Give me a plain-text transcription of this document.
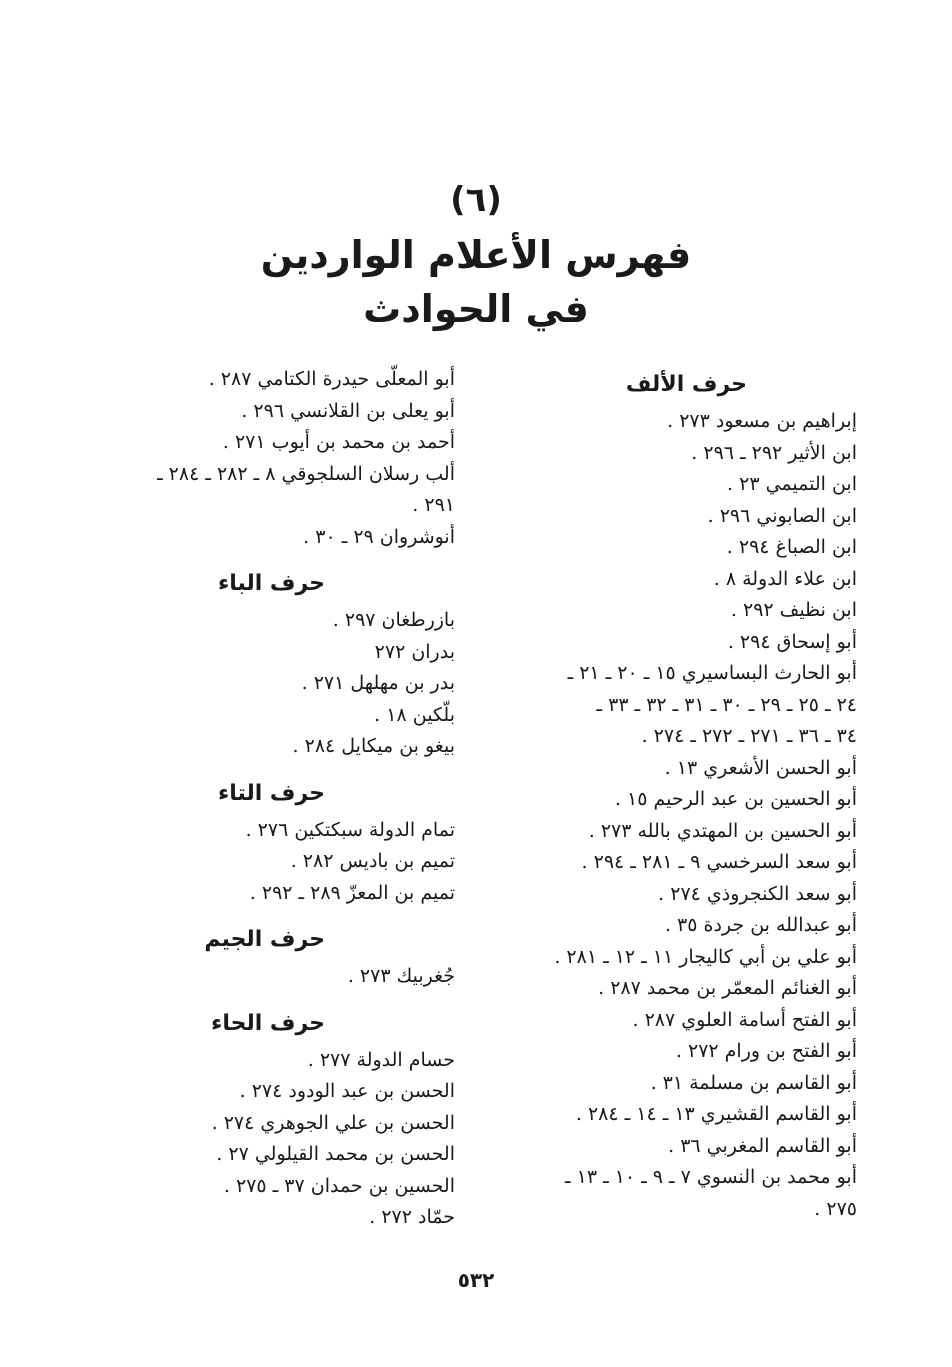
(٦)
فهرس الأعلام الواردين
في الحوادث
حرف الألف
إبراهيم بن مسعود ٢٧٣ .
ابن الأثير ٢٩٢ ـ ٢٩٦ .
ابن التميمي ٢٣ .
ابن الصابوني ٢٩٦ .
ابن الصباغ ٢٩٤ .
ابن علاء الدولة ٨ .
ابن نظيف ٢٩٢ .
أبو إسحاق ٢٩٤ .
أبو الحارث البساسيري ١٥ ـ ٢٠ ـ ٢١ ـ
٢٤ ـ ٢٥ ـ ٢٩ ـ ٣٠ ـ ٣١ ـ ٣٢ ـ ٣٣ ـ
٣٤ ـ ٣٦ ـ ٢٧١ ـ ٢٧٢ ـ ٢٧٤ .
أبو الحسن الأشعري ١٣ .
أبو الحسين بن عبد الرحيم ١٥ .
أبو الحسين بن المهتدي بالله ٢٧٣ .
أبو سعد السرخسي ٩ ـ ٢٨١ ـ ٢٩٤ .
أبو سعد الكنجروذي ٢٧٤ .
أبو عبدالله بن جردة ٣٥ .
أبو علي بن أبي كاليجار ١١ ـ ١٢ ـ ٢٨١ .
أبو الغنائم المعمّر بن محمد ٢٨٧ .
أبو الفتح أسامة العلوي ٢٨٧ .
أبو الفتح بن ورام ٢٧٢ .
أبو القاسم بن مسلمة ٣١ .
أبو القاسم القشيري ١٣ ـ ١٤ ـ ٢٨٤ .
أبو القاسم المغربي ٣٦ .
أبو محمد بن النسوي ٧ ـ ٩ ـ ١٠ ـ ١٣ ـ
٢٧٥ .
أبو المعلّى حيدرة الكتامي ٢٨٧ .
أبو يعلى بن القلانسي ٢٩٦ .
أحمد بن محمد بن أيوب ٢٧١ .
ألب رسلان السلجوقي ٨ ـ ٢٨٢ ـ ٢٨٤ ـ
٢٩١ .
أنوشروان ٢٩ ـ ٣٠ .
حرف الباء
بازرطغان ٢٩٧ .
بدران ٢٧٢
بدر بن مهلهل ٢٧١ .
بلّكين ١٨ .
بيغو بن ميكايل ٢٨٤ .
حرف التاء
تمام الدولة سبكتكين ٢٧٦ .
تميم بن باديس ٢٨٢ .
تميم بن المعزّ ٢٨٩ ـ ٢٩٢ .
حرف الجيم
جُغربيك ٢٧٣ .
حرف الحاء
حسام الدولة ٢٧٧ .
الحسن بن عبد الودود ٢٧٤ .
الحسن بن علي الجوهري ٢٧٤ .
الحسن بن محمد القيلولي ٢٧ .
الحسين بن حمدان ٣٧ ـ ٢٧٥ .
حمّاد ٢٧٢ .
٥٣٢
